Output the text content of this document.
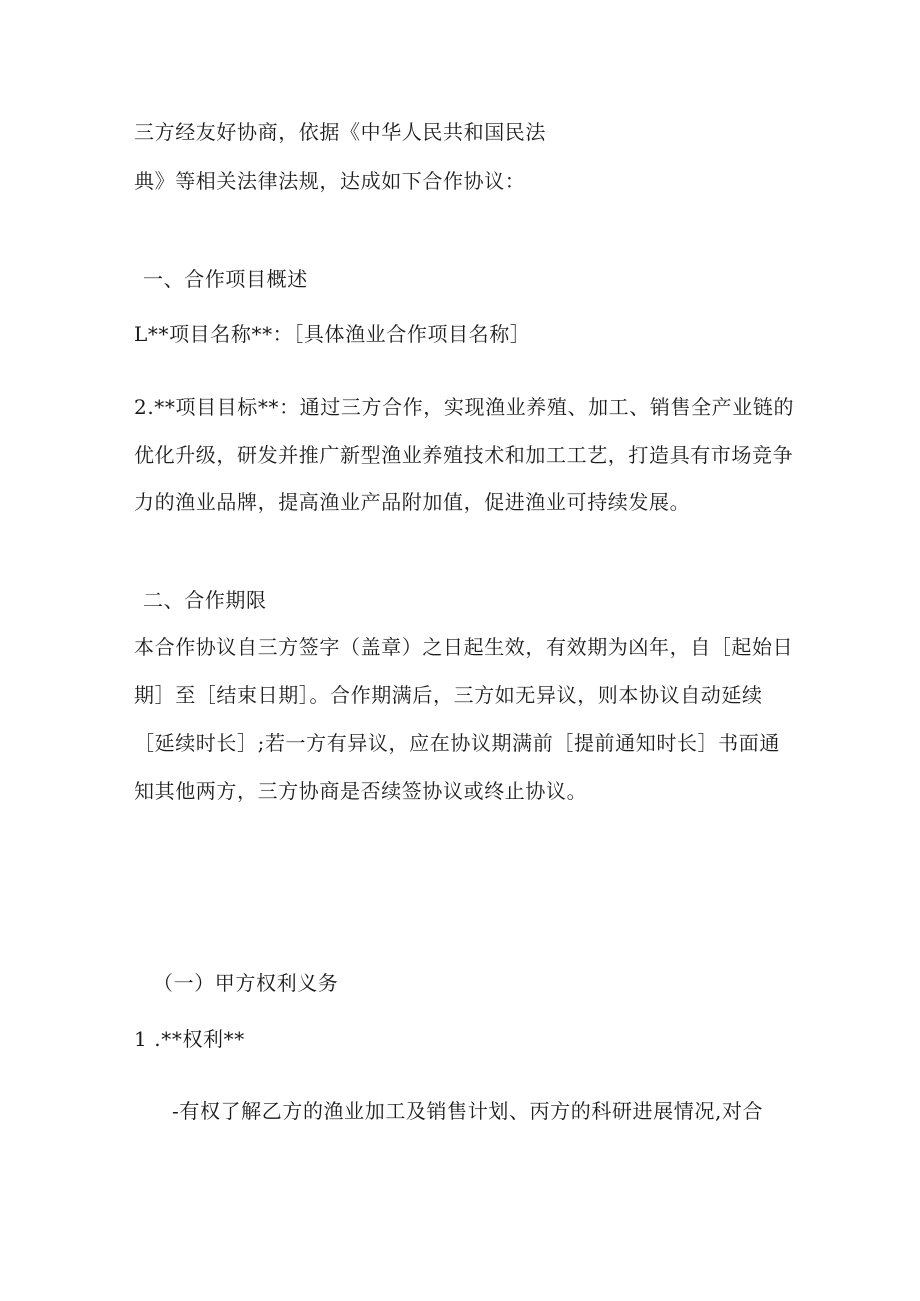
三方经友好协商，依据《中华人民共和国民法
典》等相关法律法规，达成如下合作协议：
一、合作项目概述
L**项目名称**：［具体渔业合作项目名称］
2.**项目目标**：通过三方合作，实现渔业养殖、加工、销售全产业链的
优化升级，研发并推广新型渔业养殖技术和加工工艺，打造具有市场竞争
力的渔业品牌，提高渔业产品附加值，促进渔业可持续发展。
二、合作期限
本合作协议自三方签字（盖章）之日起生效，有效期为凶年，自［起始日
期］至［结束日期］。合作期满后，三方如无异议，则本协议自动延续
［延续时长］;若一方有异议，应在协议期满前［提前通知时长］书面通
知其他两方，三方协商是否续签协议或终止协议。
（一）甲方权利义务
1 .**权利**
-有权了解乙方的渔业加工及销售计划、丙方的科研进展情况,对合
